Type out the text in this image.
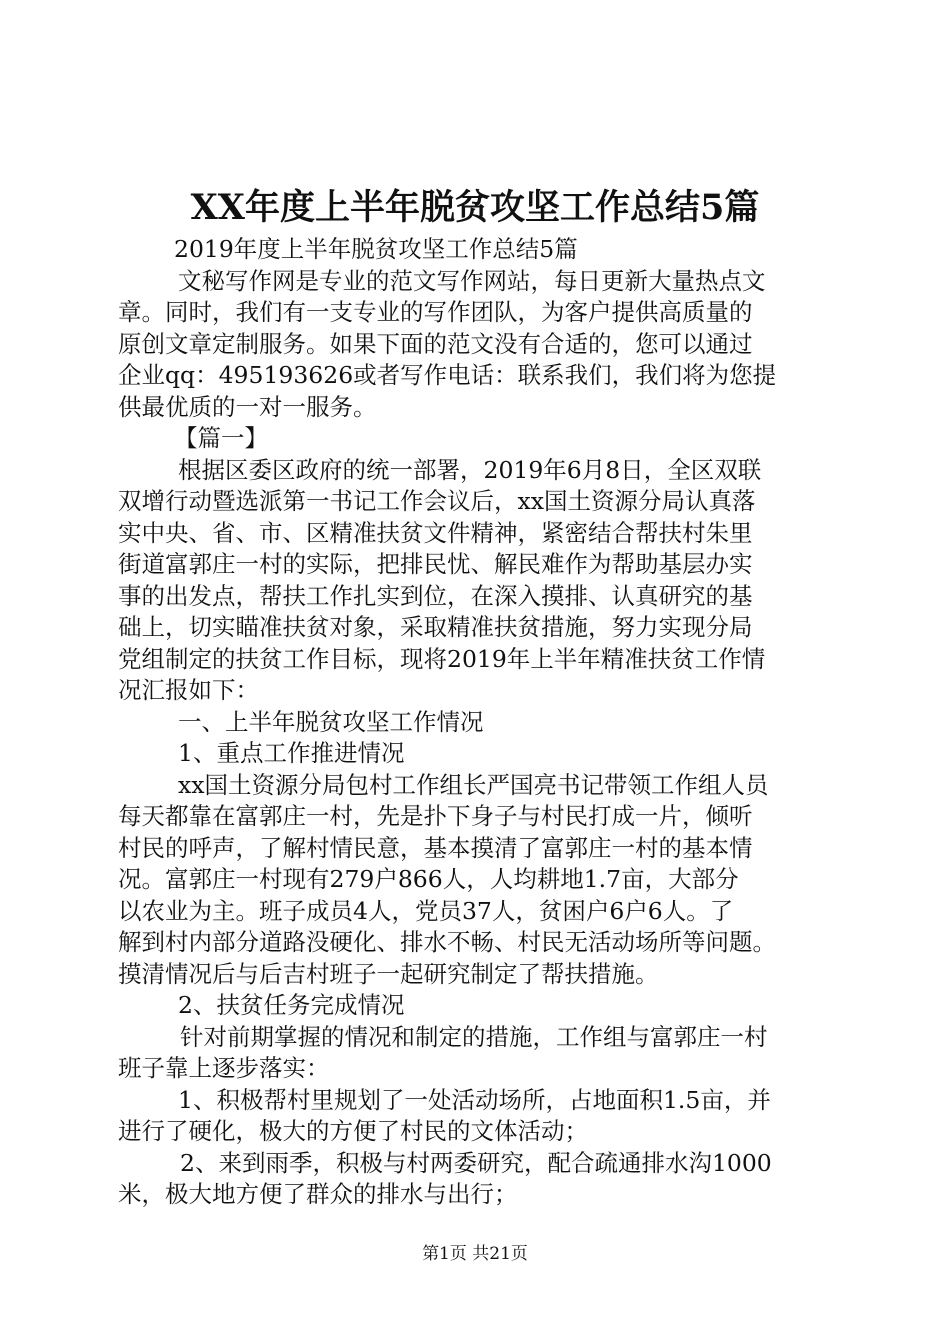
XX年度上半年脱贫攻坚工作总结5篇
2019年度上半年脱贫攻坚工作总结5篇
文秘写作网是专业的范文写作网站，每日更新大量热点文
章。同时，我们有一支专业的写作团队，为客户提供高质量的
原创文章定制服务。如果下面的范文没有合适的，您可以通过
企业qq：495193626或者写作电话：联系我们，我们将为您提
供最优质的一对一服务。
【篇一】
根据区委区政府的统一部署，2019年6月8日，全区双联
双增行动暨选派第一书记工作会议后，xx国土资源分局认真落
实中央、省、市、区精准扶贫文件精神，紧密结合帮扶村朱里
街道富郭庄一村的实际，把排民忧、解民难作为帮助基层办实
事的出发点，帮扶工作扎实到位，在深入摸排、认真研究的基
础上，切实瞄准扶贫对象，采取精准扶贫措施，努力实现分局
党组制定的扶贫工作目标，现将2019年上半年精准扶贫工作情
况汇报如下：
一、上半年脱贫攻坚工作情况
1、重点工作推进情况
xx国土资源分局包村工作组长严国亮书记带领工作组人员
每天都靠在富郭庄一村，先是扑下身子与村民打成一片，倾听
村民的呼声，了解村情民意，基本摸清了富郭庄一村的基本情
况。富郭庄一村现有279户866人，人均耕地1.7亩，大部分
以农业为主。班子成员4人，党员37人，贫困户6户6人。了
解到村内部分道路没硬化、排水不畅、村民无活动场所等问题。
摸清情况后与后吉村班子一起研究制定了帮扶措施。
2、扶贫任务完成情况
针对前期掌握的情况和制定的措施，工作组与富郭庄一村
班子靠上逐步落实：
1、积极帮村里规划了一处活动场所，占地面积1.5亩，并
进行了硬化，极大的方便了村民的文体活动；
2、来到雨季，积极与村两委研究，配合疏通排水沟1000
米，极大地方便了群众的排水与出行；
第1页 共21页
